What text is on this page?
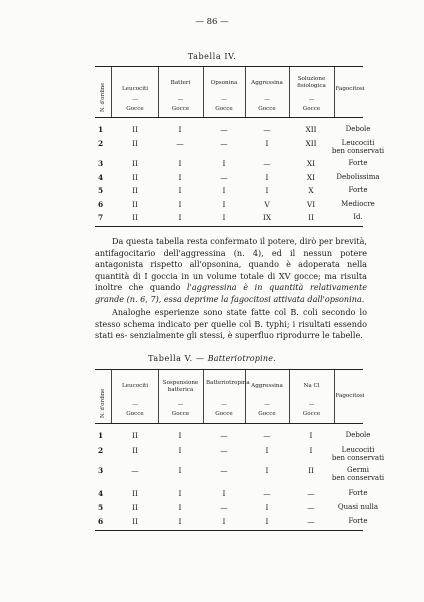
— 86 —
Tabella IV.
N. d'ordine	Leucociti
Batteri	Opsonina	Aggressina
Soluzione fisiologica
Fagocitosi
—	—	—	—	—
Gocce	Gocce	Gocce	Gocce	Gocce
1	II	I	—	—	XII	Debole
2	II	—	—	I	XII	Leucociti
ben conservati
3	II	I	I	—	XI	Forte
4	II	I	—	I	XI	Debolissima
5	II	I	I	I	X	Forte
6	II	I	I	V	VI	Mediocre
7	II	I	I	IX	II	Id.

Da questa tabella resta confermato il potere, dirò per brevità, antifagocitario dell'aggressina (n. 4), ed il nessun potere antagonista rispetto all'opsonina, quando è adoperata nella quantità di I goccia in un volume totale di XV gocce; ma risulta inoltre che quando l'aggressina è in quantità relativamente grande (n. 6, 7), essa deprime la fagocitosi attivata dall'opsonina.

Analoghe esperienze sono state fatte col B. coli secondo lo stesso schema indicato per quelle col B. typhi; i risultati essendo stati es- senzialmente gli stessi, è superfluo riprodurre le tabelle.

Tabella V. — Batteriotropine.
N. d'ordine
Leucociti	Sospensione batterica
Batteriotropina Aggressina	Na Cl
Fagocitosi
—	—	—	—	—
Gocce	Gocce	Gocce	Gocce	Gocce
1	II	I	—	—	I	Debole
2	II	I	—	I	I	Leucociti
ben conservati
3	—	I	—	I	II	Germi
ben conservati
4	II	I	I	—	—	Forte
5	II	I	—	I	—	Quasi nulla
6	II	I	I	I	—	Forte
